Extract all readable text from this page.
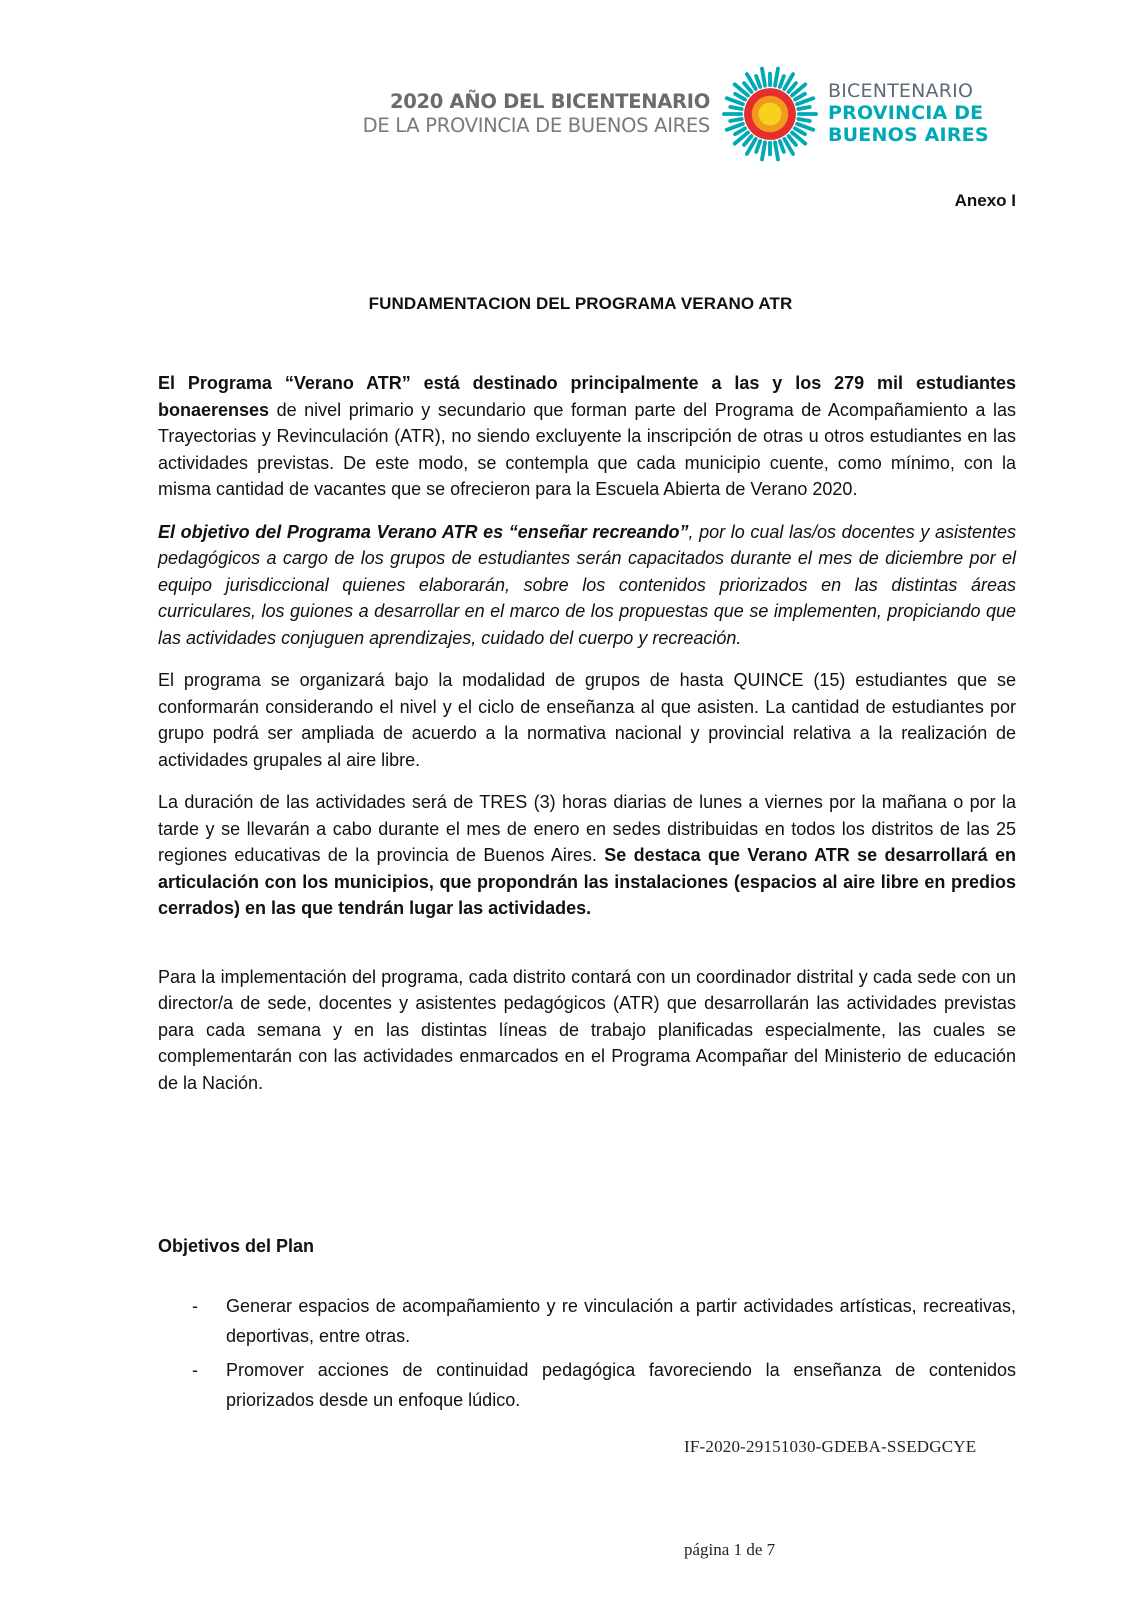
2020 AÑO DEL BICENTENARIO
DE LA PROVINCIA DE BUENOS AIRES
BICENTENARIO
PROVINCIA DE
BUENOS AIRES
Anexo I
FUNDAMENTACION DEL PROGRAMA VERANO ATR

El Programa “Verano ATR” está destinado principalmente a las y los 279 mil estudiantes bonaerenses de nivel primario y secundario que forman parte del Programa de Acompañamiento a las Trayectorias y Revinculación (ATR), no siendo excluyente la inscripción de otras u otros estudiantes en las actividades previstas. De este modo, se contempla que cada municipio cuente, como mínimo, con la misma cantidad de vacantes que se ofrecieron para la Escuela Abierta de Verano 2020.

El objetivo del Programa Verano ATR es “enseñar recreando”, por lo cual las/os docentes y asistentes pedagógicos a cargo de los grupos de estudiantes serán capacitados durante el mes de diciembre por el equipo jurisdiccional quienes elaborarán, sobre los contenidos priorizados en las distintas áreas curriculares, los guiones a desarrollar en el marco de los propuestas que se implementen, propiciando que las actividades conjuguen aprendizajes, cuidado del cuerpo y recreación.

El programa se organizará bajo la modalidad de grupos de hasta QUINCE (15) estudiantes que se conformarán considerando el nivel y el ciclo de enseñanza al que asisten. La cantidad de estudiantes por grupo podrá ser ampliada de acuerdo a la normativa nacional y provincial relativa a la realización de actividades grupales al aire libre.

La duración de las actividades será de TRES (3) horas diarias de lunes a viernes por la mañana o por la tarde y se llevarán a cabo durante el mes de enero en sedes distribuidas en todos los distritos de las 25 regiones educativas de la provincia de Buenos Aires. Se destaca que Verano ATR se desarrollará en articulación con los municipios, que propondrán las instalaciones (espacios al aire libre en predios cerrados) en las que tendrán lugar las actividades.

Para la implementación del programa, cada distrito contará con un coordinador distrital y cada sede con un director/a de sede, docentes y asistentes pedagógicos (ATR) que desarrollarán las actividades previstas para cada semana y en las distintas líneas de trabajo planificadas especialmente, las cuales se complementarán con las actividades enmarcados en el Programa Acompañar del Ministerio de educación de la Nación.

Objetivos del Plan
- Generar espacios de acompañamiento y re vinculación a partir actividades artísticas, recreativas, deportivas, entre otras.
- Promover acciones de continuidad pedagógica favoreciendo la enseñanza de contenidos priorizados desde un enfoque lúdico.
IF-2020-29151030-GDEBA-SSEDGCYE
página 1 de 7
